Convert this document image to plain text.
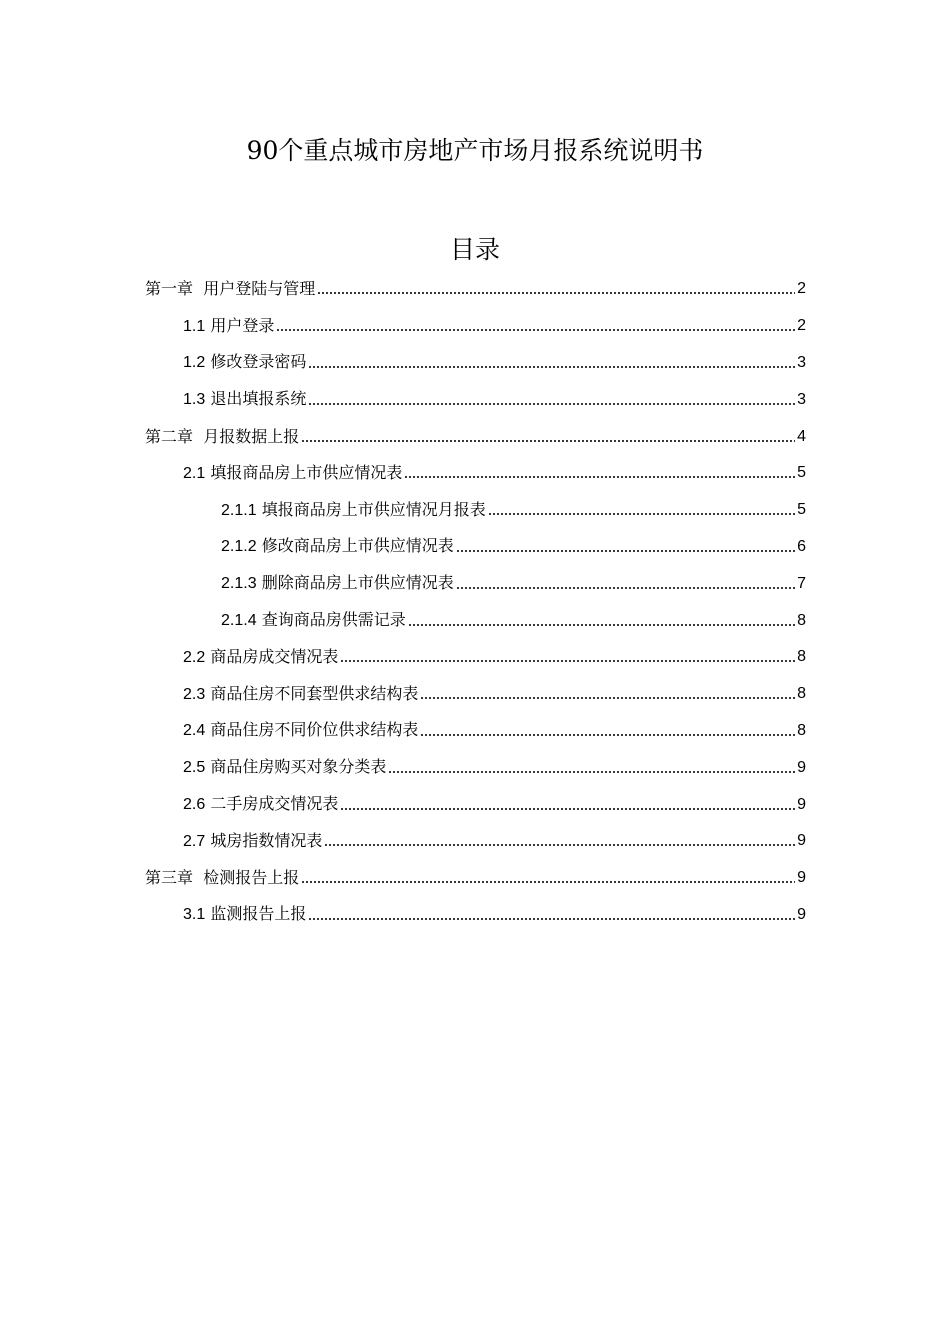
90个重点城市房地产市场月报系统说明书
目录
第一章 用户登陆与管理	2
1.1 用户登录	2
1.2 修改登录密码	3
1.3 退出填报系统	3
第二章 月报数据上报	4
2.1 填报商品房上市供应情况表	5
2.1.1 填报商品房上市供应情况月报表	5
2.1.2 修改商品房上市供应情况表	6
2.1.3 删除商品房上市供应情况表	7
2.1.4 查询商品房供需记录	8
2.2 商品房成交情况表	8
2.3 商品住房不同套型供求结构表	8
2.4 商品住房不同价位供求结构表	8
2.5 商品住房购买对象分类表	9
2.6 二手房成交情况表	9
2.7 城房指数情况表	9
第三章 检测报告上报	9
3.1 监测报告上报	9
